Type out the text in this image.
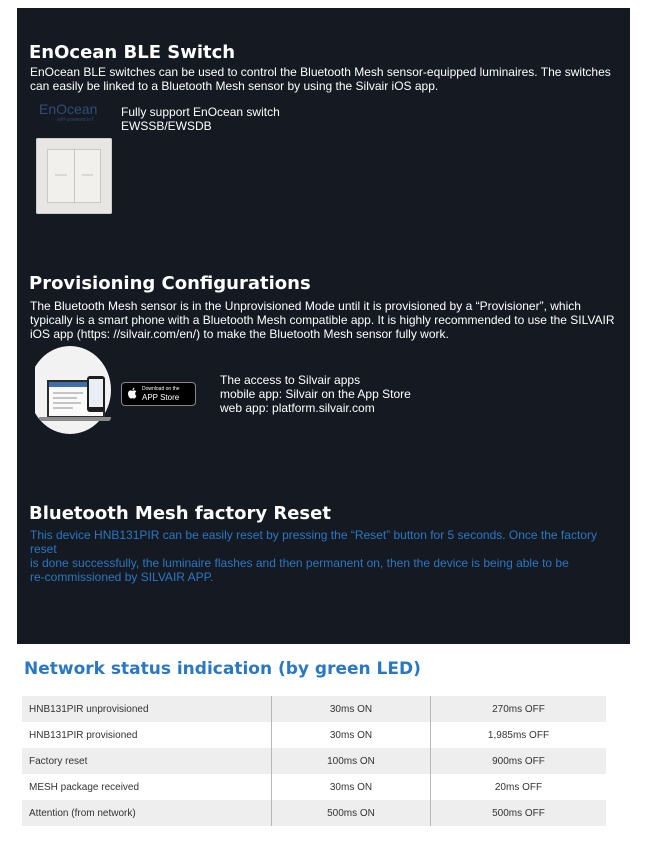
EnOcean BLE Switch

EnOcean BLE switches can be used to control the Bluetooth Mesh sensor-equipped luminaires. The switches can easily be linked to a Bluetooth Mesh sensor by using the Silvair iOS app.

EnOcean
self-powered IoT

Fully support EnOcean switch

EWSSB/EWSDB

Provisioning Configurations

The Bluetooth Mesh sensor is in the Unprovisioned Mode until it is provisioned by a “Provisioner”, which typically is a smart phone with a Bluetooth Mesh compatible app. It is highly recommended to use the SILVAIR iOS app (https: //silvair.com/en/) to make the Bluetooth Mesh sensor fully work.

Download on the
APP Store

The access to Silvair apps

mobile app: Silvair on the App Store

web app: platform.silvair.com

Bluetooth Mesh factory Reset

This device HNB131PIR can be easily reset by pressing the “Reset” button for 5 seconds. Once the factory reset

is done successfully, the luminaire flashes and then permanent on, then the device is being able to be

re-commissioned by SILVAIR APP.

Network status indication (by green LED)
HNB131PIR unprovisioned	30ms ON	270ms OFF
HNB131PIR provisioned	30ms ON	1,985ms OFF
Factory reset	100ms ON	900ms OFF
MESH package received	30ms ON	20ms OFF
Attention (from network)	500ms ON	500ms OFF
